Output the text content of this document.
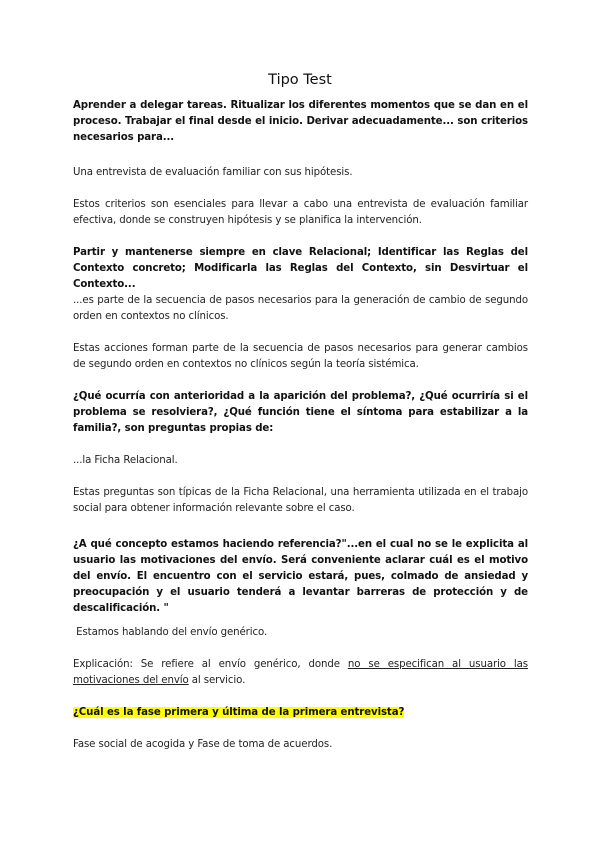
Tipo Test

Aprender a delegar tareas. Ritualizar los diferentes momentos que se dan en el proceso. Trabajar el final desde el inicio. Derivar adecuadamente... son criterios necesarios para...

Una entrevista de evaluación familiar con sus hipótesis.

Estos criterios son esenciales para llevar a cabo una entrevista de evaluación familiar efectiva, donde se construyen hipótesis y se planifica la intervención.

Partir y mantenerse siempre en clave Relacional; Identificar las Reglas del Contexto concreto; Modificarla las Reglas del Contexto, sin Desvirtuar el Contexto...

...es parte de la secuencia de pasos necesarios para la generación de cambio de segundo orden en contextos no clínicos.

Estas acciones forman parte de la secuencia de pasos necesarios para generar cambios de segundo orden en contextos no clínicos según la teoría sistémica.

¿Qué ocurría con anterioridad a la aparición del problema?, ¿Qué ocurriría si el problema se resolviera?, ¿Qué función tiene el síntoma para estabilizar a la familia?, son preguntas propias de:

...la Ficha Relacional.

Estas preguntas son típicas de la Ficha Relacional, una herramienta utilizada en el trabajo social para obtener información relevante sobre el caso.

¿A qué concepto estamos haciendo referencia?"...en el cual no se le explicita al usuario las motivaciones del envío. Será conveniente aclarar cuál es el motivo del envío. El encuentro con el servicio estará, pues, colmado de ansiedad y preocupación y el usuario tenderá a levantar barreras de protección y de descalificación. "

Estamos hablando del envío genérico.

Explicación: Se refiere al envío genérico, donde no se especifican al usuario las motivaciones del envío al servicio.

¿Cuál es la fase primera y última de la primera entrevista?

Fase social de acogida y Fase de toma de acuerdos.
